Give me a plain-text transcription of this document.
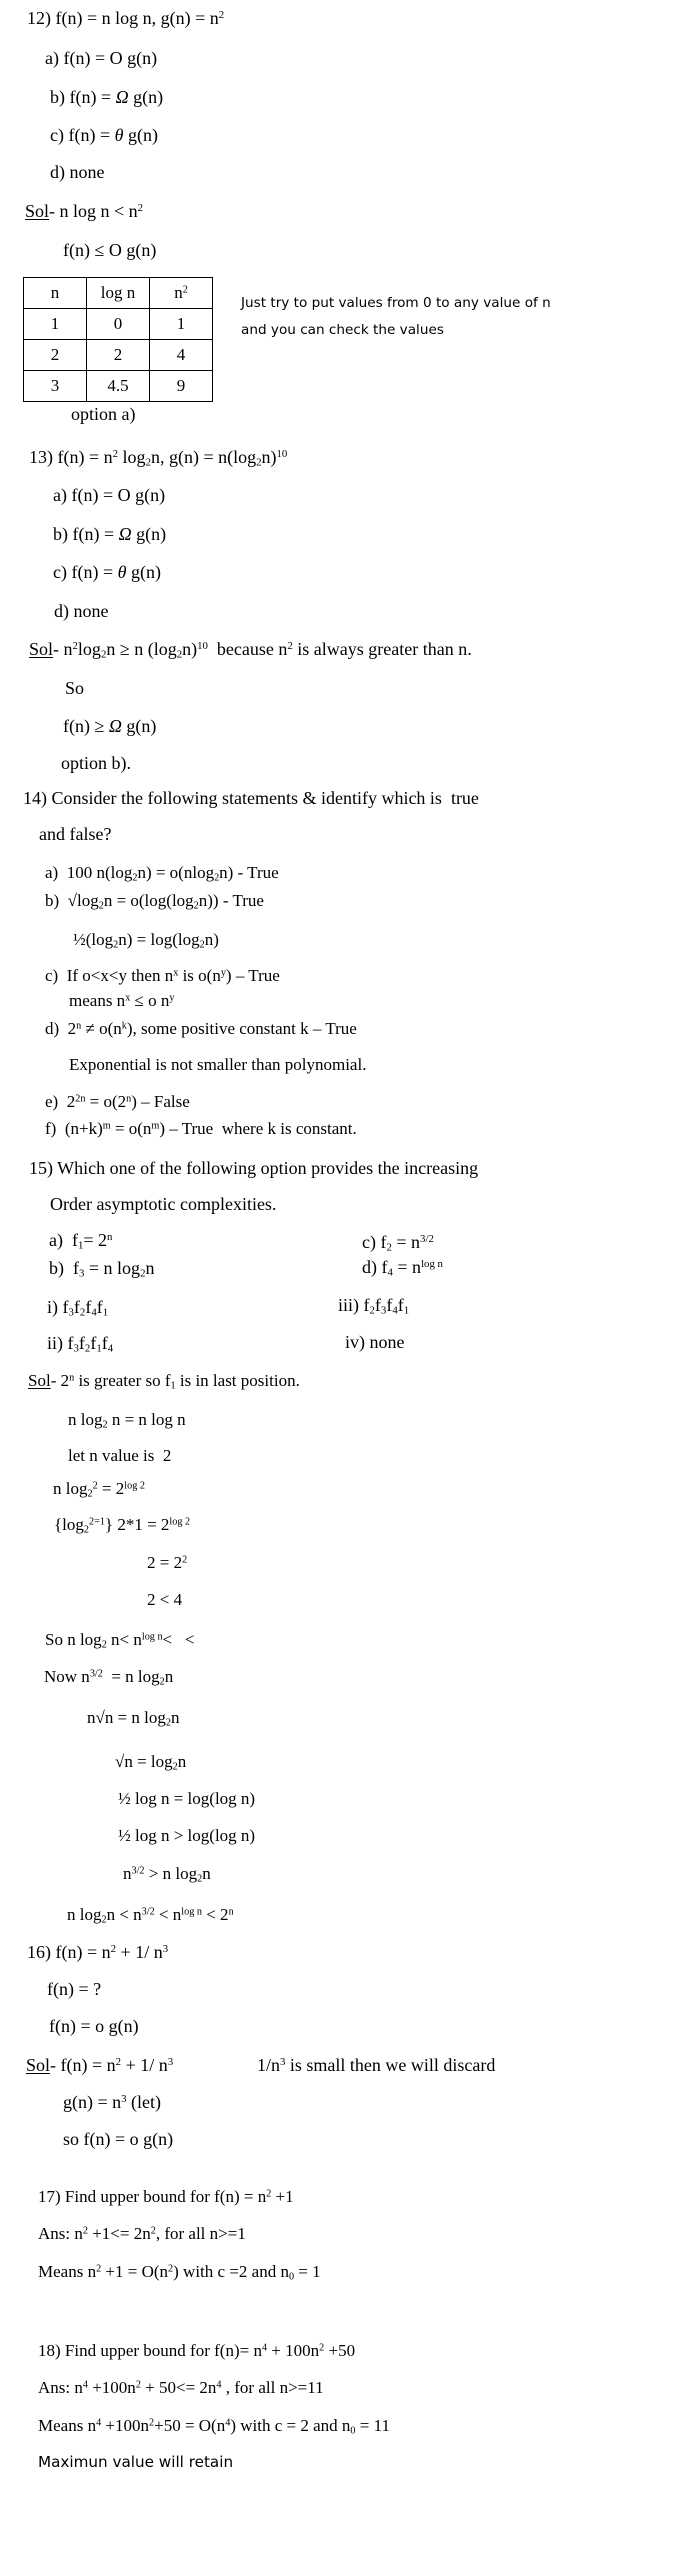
12) f(n) = n log n, $g(n) = n^2$
a) f(n) = O g(n)
b) f(n) = Ω g(n)
c) f(n) = θ g(n)
d) none
Sol- n $\log n < n^2$
f(n) ≤ O g(n)
n	log n	$n^2$
1	0	1
2	2	4
3	4.5	9
Just try to put values from 0 to any value of n
and you can check the values
option a)
13) $f(n) = n^2$ $\log_2n$, $g(n) = n(\log_2n)^{10}$
a) f(n) = O g(n)
b) f(n) = Ω g(n)
c) f(n) = θ g(n)
d) none
Sol- $n^2\log_2n \ge n$ $(\log_2n)^{10}$  because $n^2$ is always greater than n.
So
f(n) ≥ Ω g(n)
option b).
14) Consider the following statements & identify which is  true
and false?
a)  100 $n(\log_2n) = o(nlog_2n)$ - True
b)  $√\log_2n = o(\log(\log_2n))$ - True
$\frac{1}{2}(\log_2n) = \log(\log_2n)$
c)  If o<x<y then $n^x$ is $o(n^y)$ – True
means $n^x \le o$ $n^y$
d)  $2^n \ne o(n^k)$, some positive constant k – True
Exponential is not smaller than polynomial.
e)  $2^{2n} = o(2^n)$ – False
f)  $(n+k)^m = o(n^m)$ – True  where k is constant.
15) Which one of the following option provides the increasing
Order asymptotic complexities.
a)  $f_1= 2^n$	c) $f_2 = n^{3/2}$
b)  $f_3 = n$ $\log_2n$	d) $f_4 = n^{log n}$
i) $f_3f_2f_4f_1$	iii) $f_2f_3f_4f_1$
ii) $f_3f_2f_1f_4$	iv) none
Sol- 2$^n$ is greater so $f_1$ is in last position.
n $\log_2 n = n$ log n
let n value is  2
n $\log_2^2 = 2^{log 2}$
$\{\log_2^{2=1}\} 2*1 = 2^{log 2}$
$2 = 2^2$
2 < 4
So n $\log_2 n< n^{log n}<$   <
Now $n^{3/2} = n$ $\log_2n$
n√n = n $\log_2n$
$√n = \log_2n$
½ log n = log(log n)
½ log n > log(log n)
$n^{3/2} > n$ $\log_2n$
n $\log_2n < n^{3/2} < n^{log n} < 2^n$
16) $f(n) = n^2 + 1/$ $n^3$
f(n) = ?
f(n) = o g(n)
Sol- $f(n) = n^2 + 1/$ $n^3$	$1/n^3$ is small then we will discard
$g(n) = n^3$ (let)
so f(n) = o g(n)
17) Find upper bound for $f(n) = n^2 +1$
Ans: $n^2 +1<= 2n^2$, for all n>=1
Means $n^2 +1 = O(n^2)$ with c =2 and $n_0 = 1$
18) Find upper bound for $f(n)= n^4 + 100n^2 +50$
Ans: $n^4 +100n^2 + 50<= 2n^4$ , for all n>=11
Means $n^4 +100n^2+50 = O(n^4)$ with c = 2 and $n_0 = 11$
Maximun value will retain
